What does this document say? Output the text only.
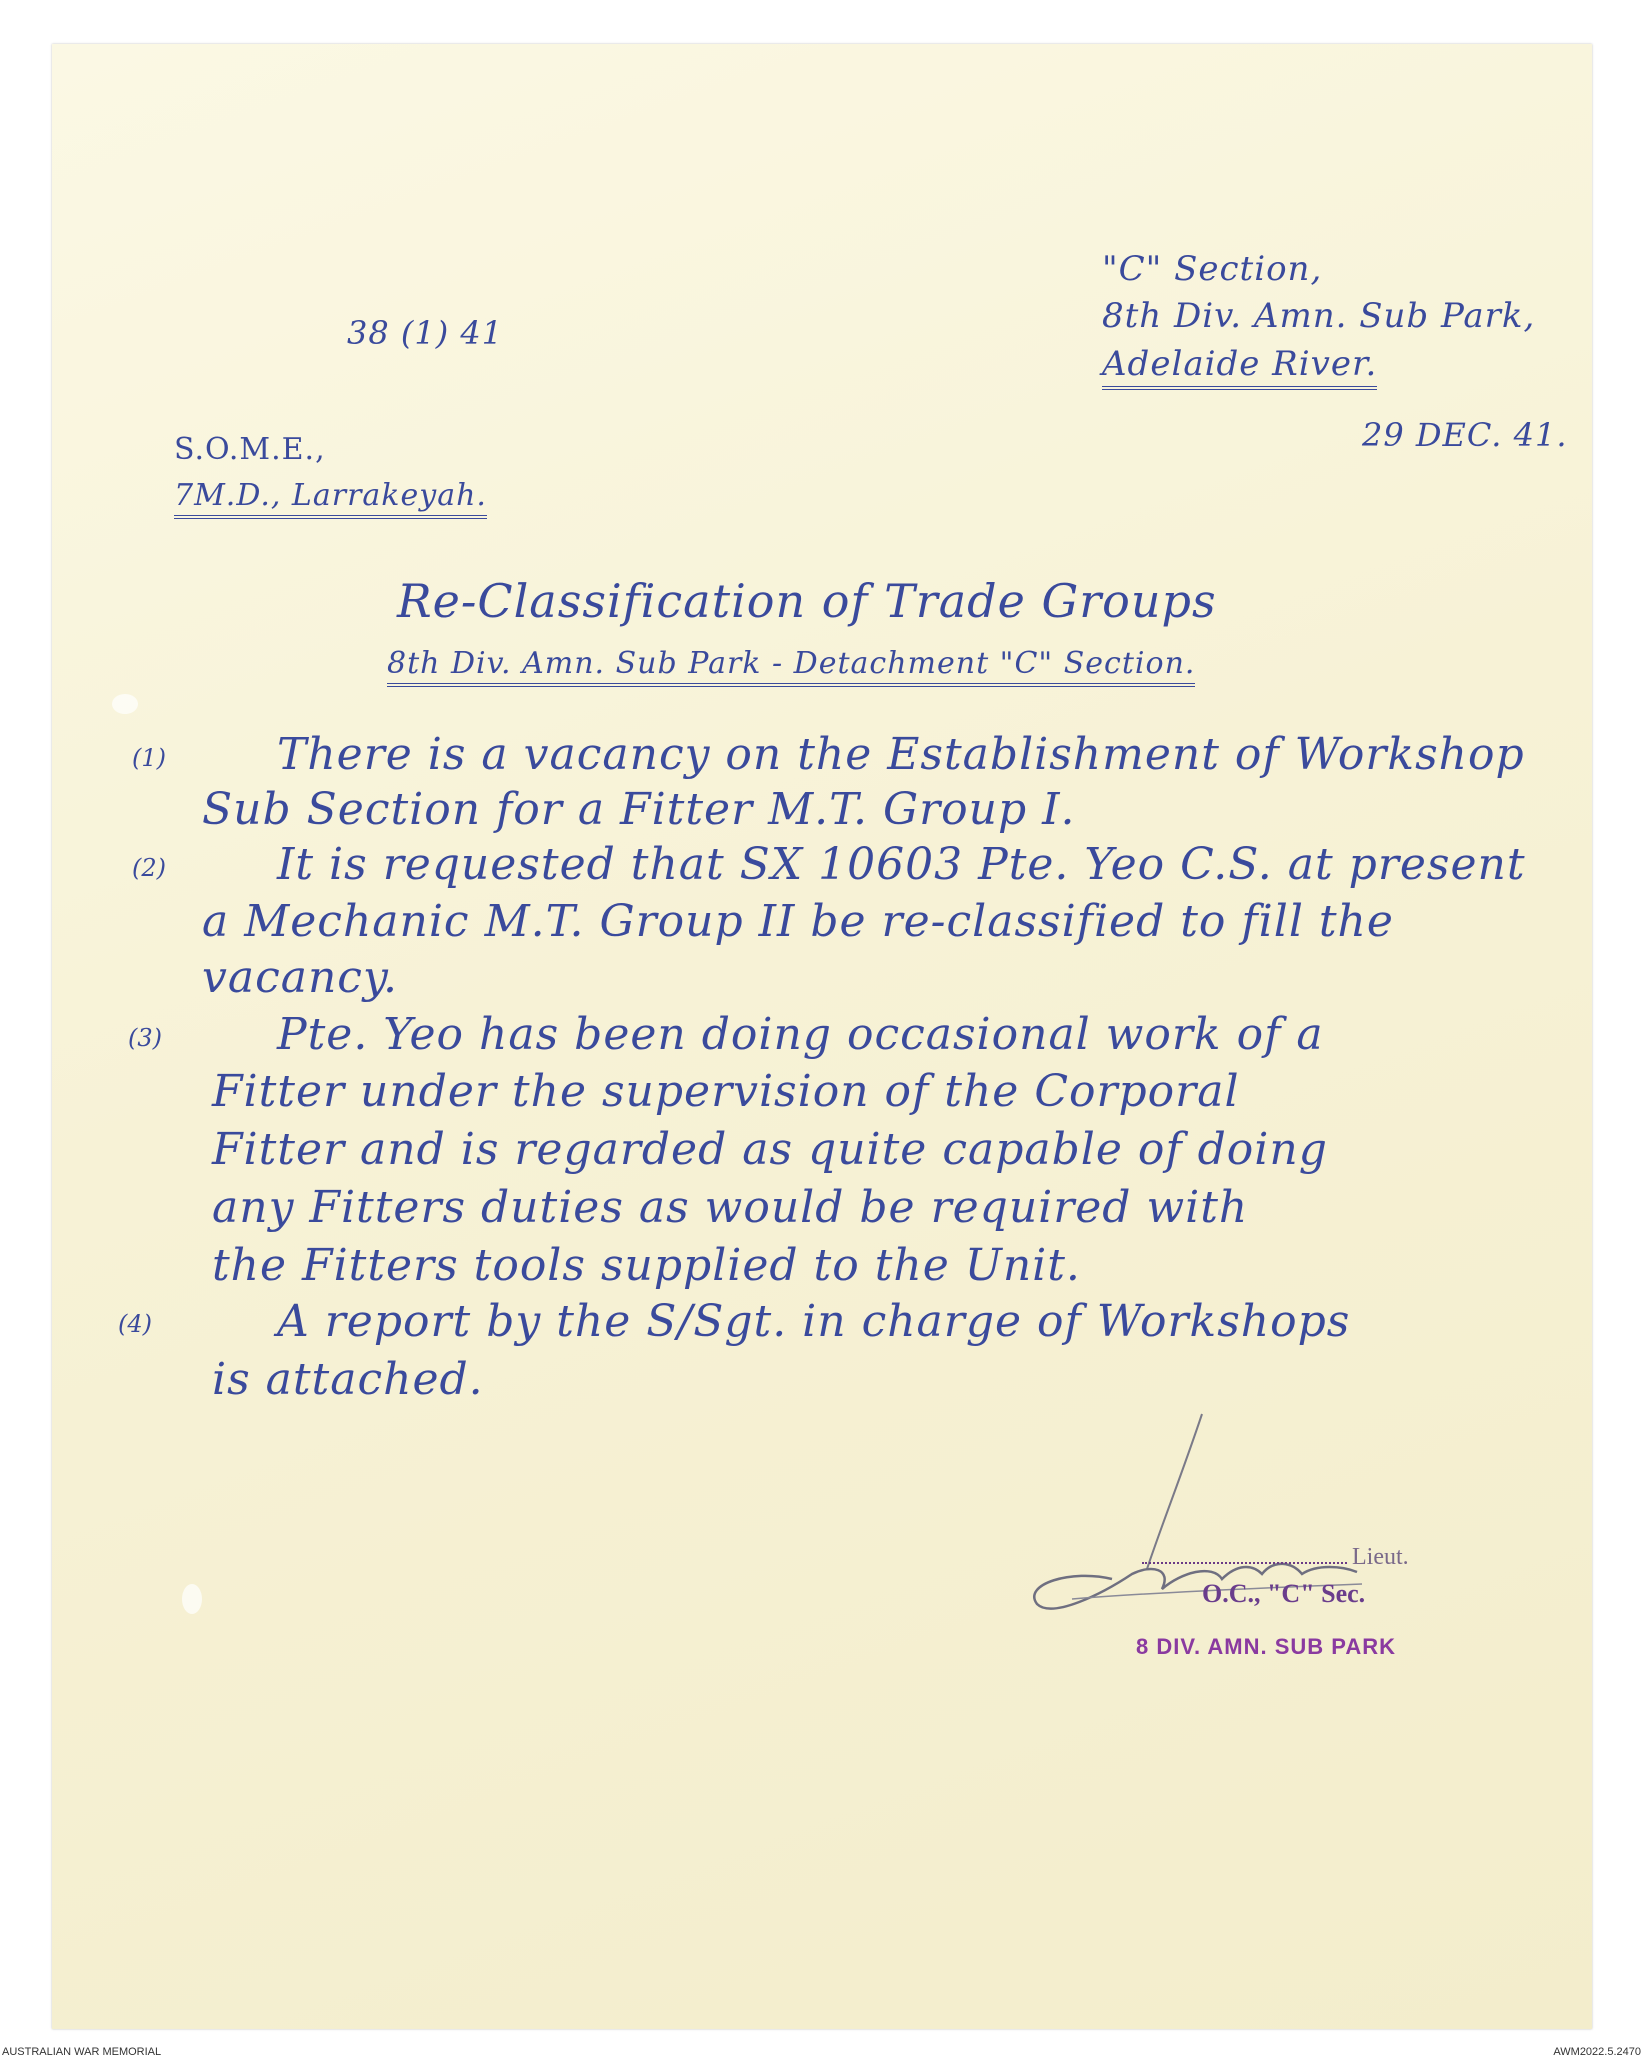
38 (1) 41
"C" Section,
8th Div. Amn. Sub Park,
Adelaide River.
29 DEC. 41.
S.O.M.E.,
7M.D., Larrakeyah.
Re-Classification of Trade Groups
8th Div. Amn. Sub Park - Detachment "C" Section.
(1)	There is a vacancy on the Establishment of Workshop
Sub Section for a Fitter M.T. Group I.
(2)	It is requested that SX 10603 Pte. Yeo C.S. at present
a Mechanic M.T. Group II be re-classified to fill the
vacancy.
(3)	Pte. Yeo has been doing occasional work of a
Fitter under the supervision of the Corporal
Fitter and is regarded as quite capable of doing
any Fitters duties as would be required with
the Fitters tools supplied to the Unit.
(4)	A report by the S/Sgt. in charge of Workshops
is attached.
Lieut.
O.C., "C" Sec.
8 DIV. AMN. SUB PARK
AUSTRALIAN WAR MEMORIAL	AWM2022.5.2470
